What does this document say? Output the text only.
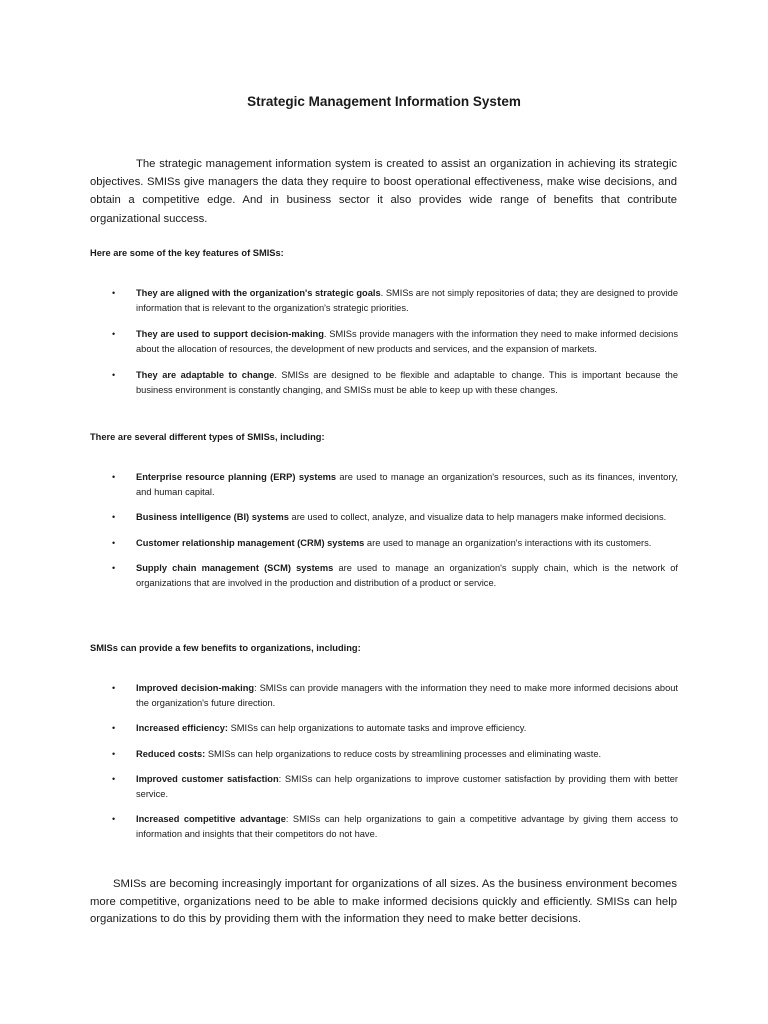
Strategic Management Information System

The strategic management information system is created to assist an organization in achieving its strategic objectives. SMISs give managers the data they require to boost operational effectiveness, make wise decisions, and obtain a competitive edge. And in business sector it also provides wide range of benefits that contribute organizational success.

Here are some of the key features of SMISs:

• They are aligned with the organization's strategic goals. SMISs are not simply repositories of data; they are designed to provide information that is relevant to the organization's strategic priorities.
• They are used to support decision-making. SMISs provide managers with the information they need to make informed decisions about the allocation of resources, the development of new products and services, and the expansion of markets.
• They are adaptable to change. SMISs are designed to be flexible and adaptable to change. This is important because the business environment is constantly changing, and SMISs must be able to keep up with these changes.

There are several different types of SMISs, including:

• Enterprise resource planning (ERP) systems are used to manage an organization's resources, such as its finances, inventory, and human capital.
• Business intelligence (BI) systems are used to collect, analyze, and visualize data to help managers make informed decisions.
• Customer relationship management (CRM) systems are used to manage an organization's interactions with its customers.
• Supply chain management (SCM) systems are used to manage an organization's supply chain, which is the network of organizations that are involved in the production and distribution of a product or service.

SMISs can provide a few benefits to organizations, including:

• Improved decision-making: SMISs can provide managers with the information they need to make more informed decisions about the organization's future direction.
• Increased efficiency: SMISs can help organizations to automate tasks and improve efficiency.
• Reduced costs: SMISs can help organizations to reduce costs by streamlining processes and eliminating waste.
• Improved customer satisfaction: SMISs can help organizations to improve customer satisfaction by providing them with better service.
• Increased competitive advantage: SMISs can help organizations to gain a competitive advantage by giving them access to information and insights that their competitors do not have.

SMISs are becoming increasingly important for organizations of all sizes. As the business environment becomes more competitive, organizations need to be able to make informed decisions quickly and efficiently. SMISs can help organizations to do this by providing them with the information they need to make better decisions.
